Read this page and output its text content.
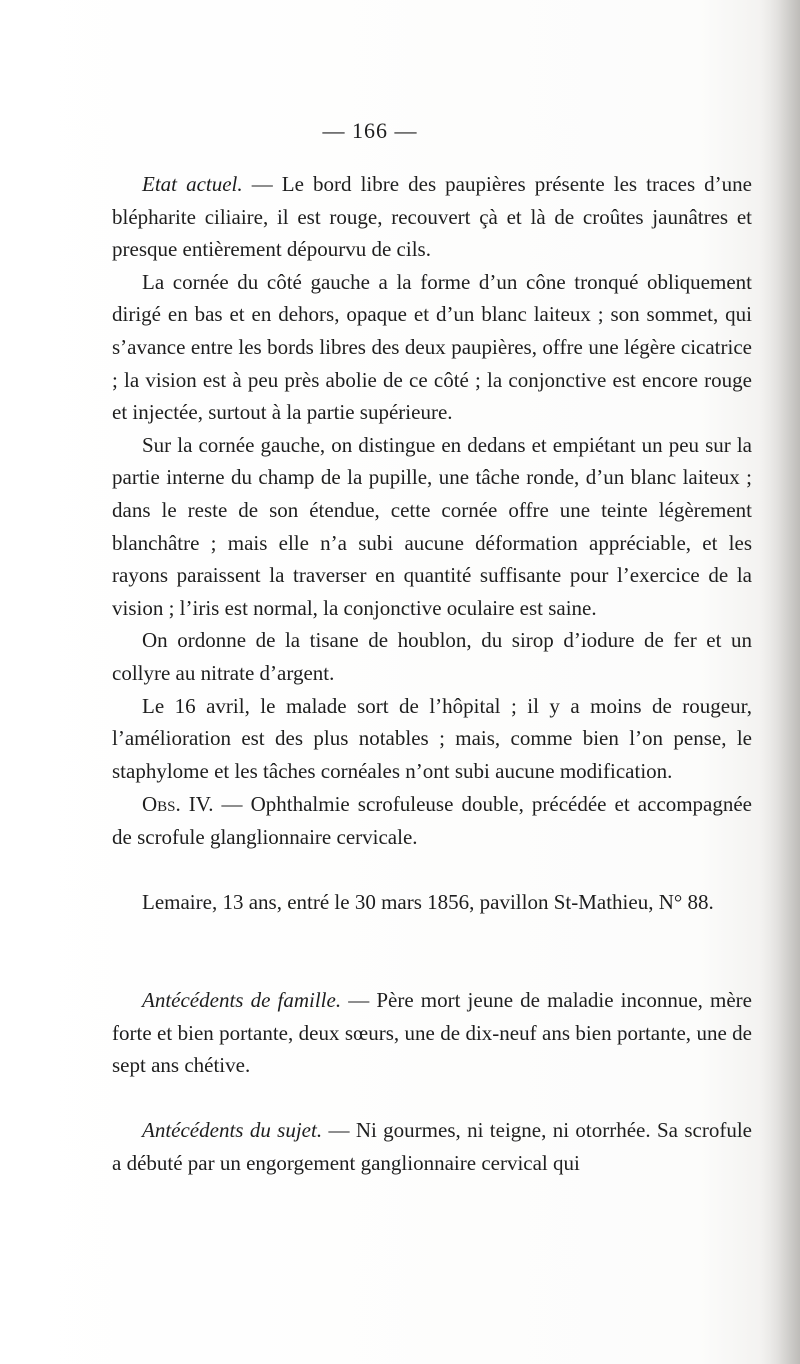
— 166 —

Etat actuel. — Le bord libre des paupières présente les traces d’une blépharite ciliaire, il est rouge, recouvert çà et là de croûtes jaunâtres et presque entièrement dépourvu de cils.

La cornée du côté gauche a la forme d’un cône tronqué obliquement dirigé en bas et en dehors, opaque et d’un blanc laiteux ; son sommet, qui s’avance entre les bords libres des deux paupières, offre une légère cicatrice ; la vision est à peu près abolie de ce côté ; la conjonctive est encore rouge et injectée, surtout à la partie supérieure.

Sur la cornée gauche, on distingue en dedans et empiétant un peu sur la partie interne du champ de la pupille, une tâche ronde, d’un blanc laiteux ; dans le reste de son étendue, cette cornée offre une teinte légèrement blanchâtre ; mais elle n’a subi aucune déformation appréciable, et les rayons paraissent la traverser en quantité suffisante pour l’exercice de la vision ; l’iris est normal, la conjonctive oculaire est saine.

On ordonne de la tisane de houblon, du sirop d’iodure de fer et un collyre au nitrate d’argent.

Le 16 avril, le malade sort de l’hôpital ; il y a moins de rougeur, l’amélioration est des plus notables ; mais, comme bien l’on pense, le staphylome et les tâches cornéales n’ont subi aucune modification.

Obs. IV. — Ophthalmie scrofuleuse double, précédée et accompagnée de scrofule glanglionnaire cervicale.

Lemaire, 13 ans, entré le 30 mars 1856, pavillon St-Mathieu, N° 88.

Antécédents de famille. — Père mort jeune de maladie inconnue, mère forte et bien portante, deux sœurs, une de dix-neuf ans bien portante, une de sept ans chétive.

Antécédents du sujet. — Ni gourmes, ni teigne, ni otorrhée. Sa scrofule a débuté par un engorgement ganglionnaire cervical qui
